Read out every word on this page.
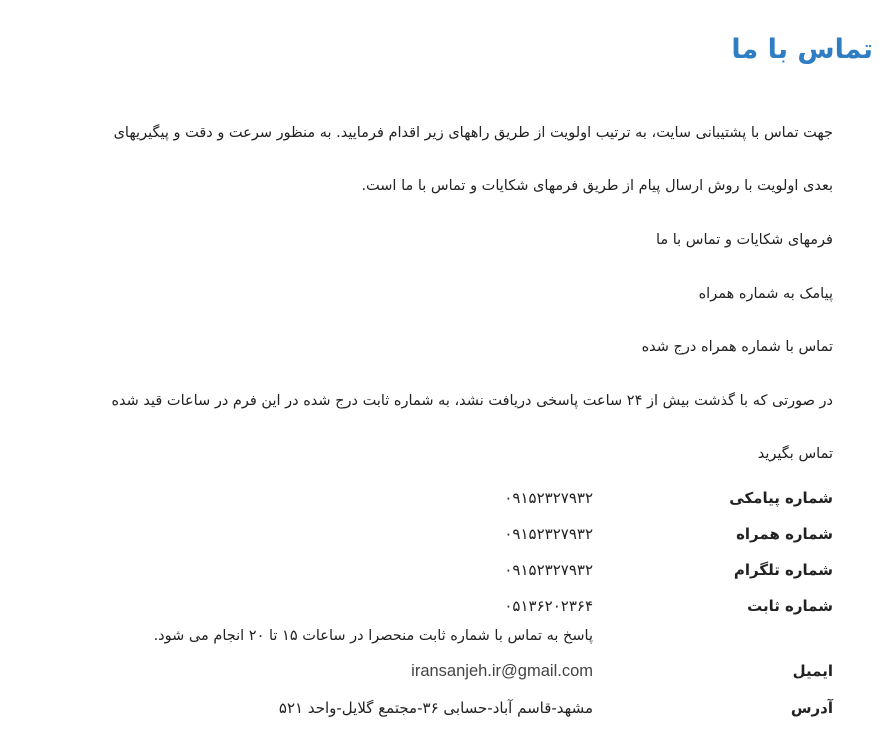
تماس با ما

جهت تماس با پشتیبانی سایت، به ترتیب اولویت از طریق راههای زیر اقدام فرمایید. به منظور سرعت و دقت و پیگیریهای

بعدی اولویت با روش ارسال پیام از طریق فرمهای شکایات و تماس با ما است.

فرمهای شکایات و تماس با ما

پیامک به شماره همراه

تماس با شماره همراه درج شده

در صورتی که با گذشت بیش از ۲۴ ساعت پاسخی دریافت نشد، به شماره ثابت درج شده در این فرم در ساعات قید شده

تماس بگیرید

شماره پیامکی
۰۹۱۵۲۳۲۷۹۳۲
شماره همراه
۰۹۱۵۲۳۲۷۹۳۲
شماره تلگرام
۰۹۱۵۲۳۲۷۹۳۲
شماره ثابت
۰۵۱۳۶۲۰۲۳۶۴

پاسخ به تماس با شماره ثابت منحصرا در ساعات ۱۵ تا ۲۰ انجام می شود.

ایمیل
iransanjeh.ir@gmail.com
آدرس
مشهد-قاسم آباد-حسابی ۳۶-مجتمع گلایل-واحد ۵۲۱
